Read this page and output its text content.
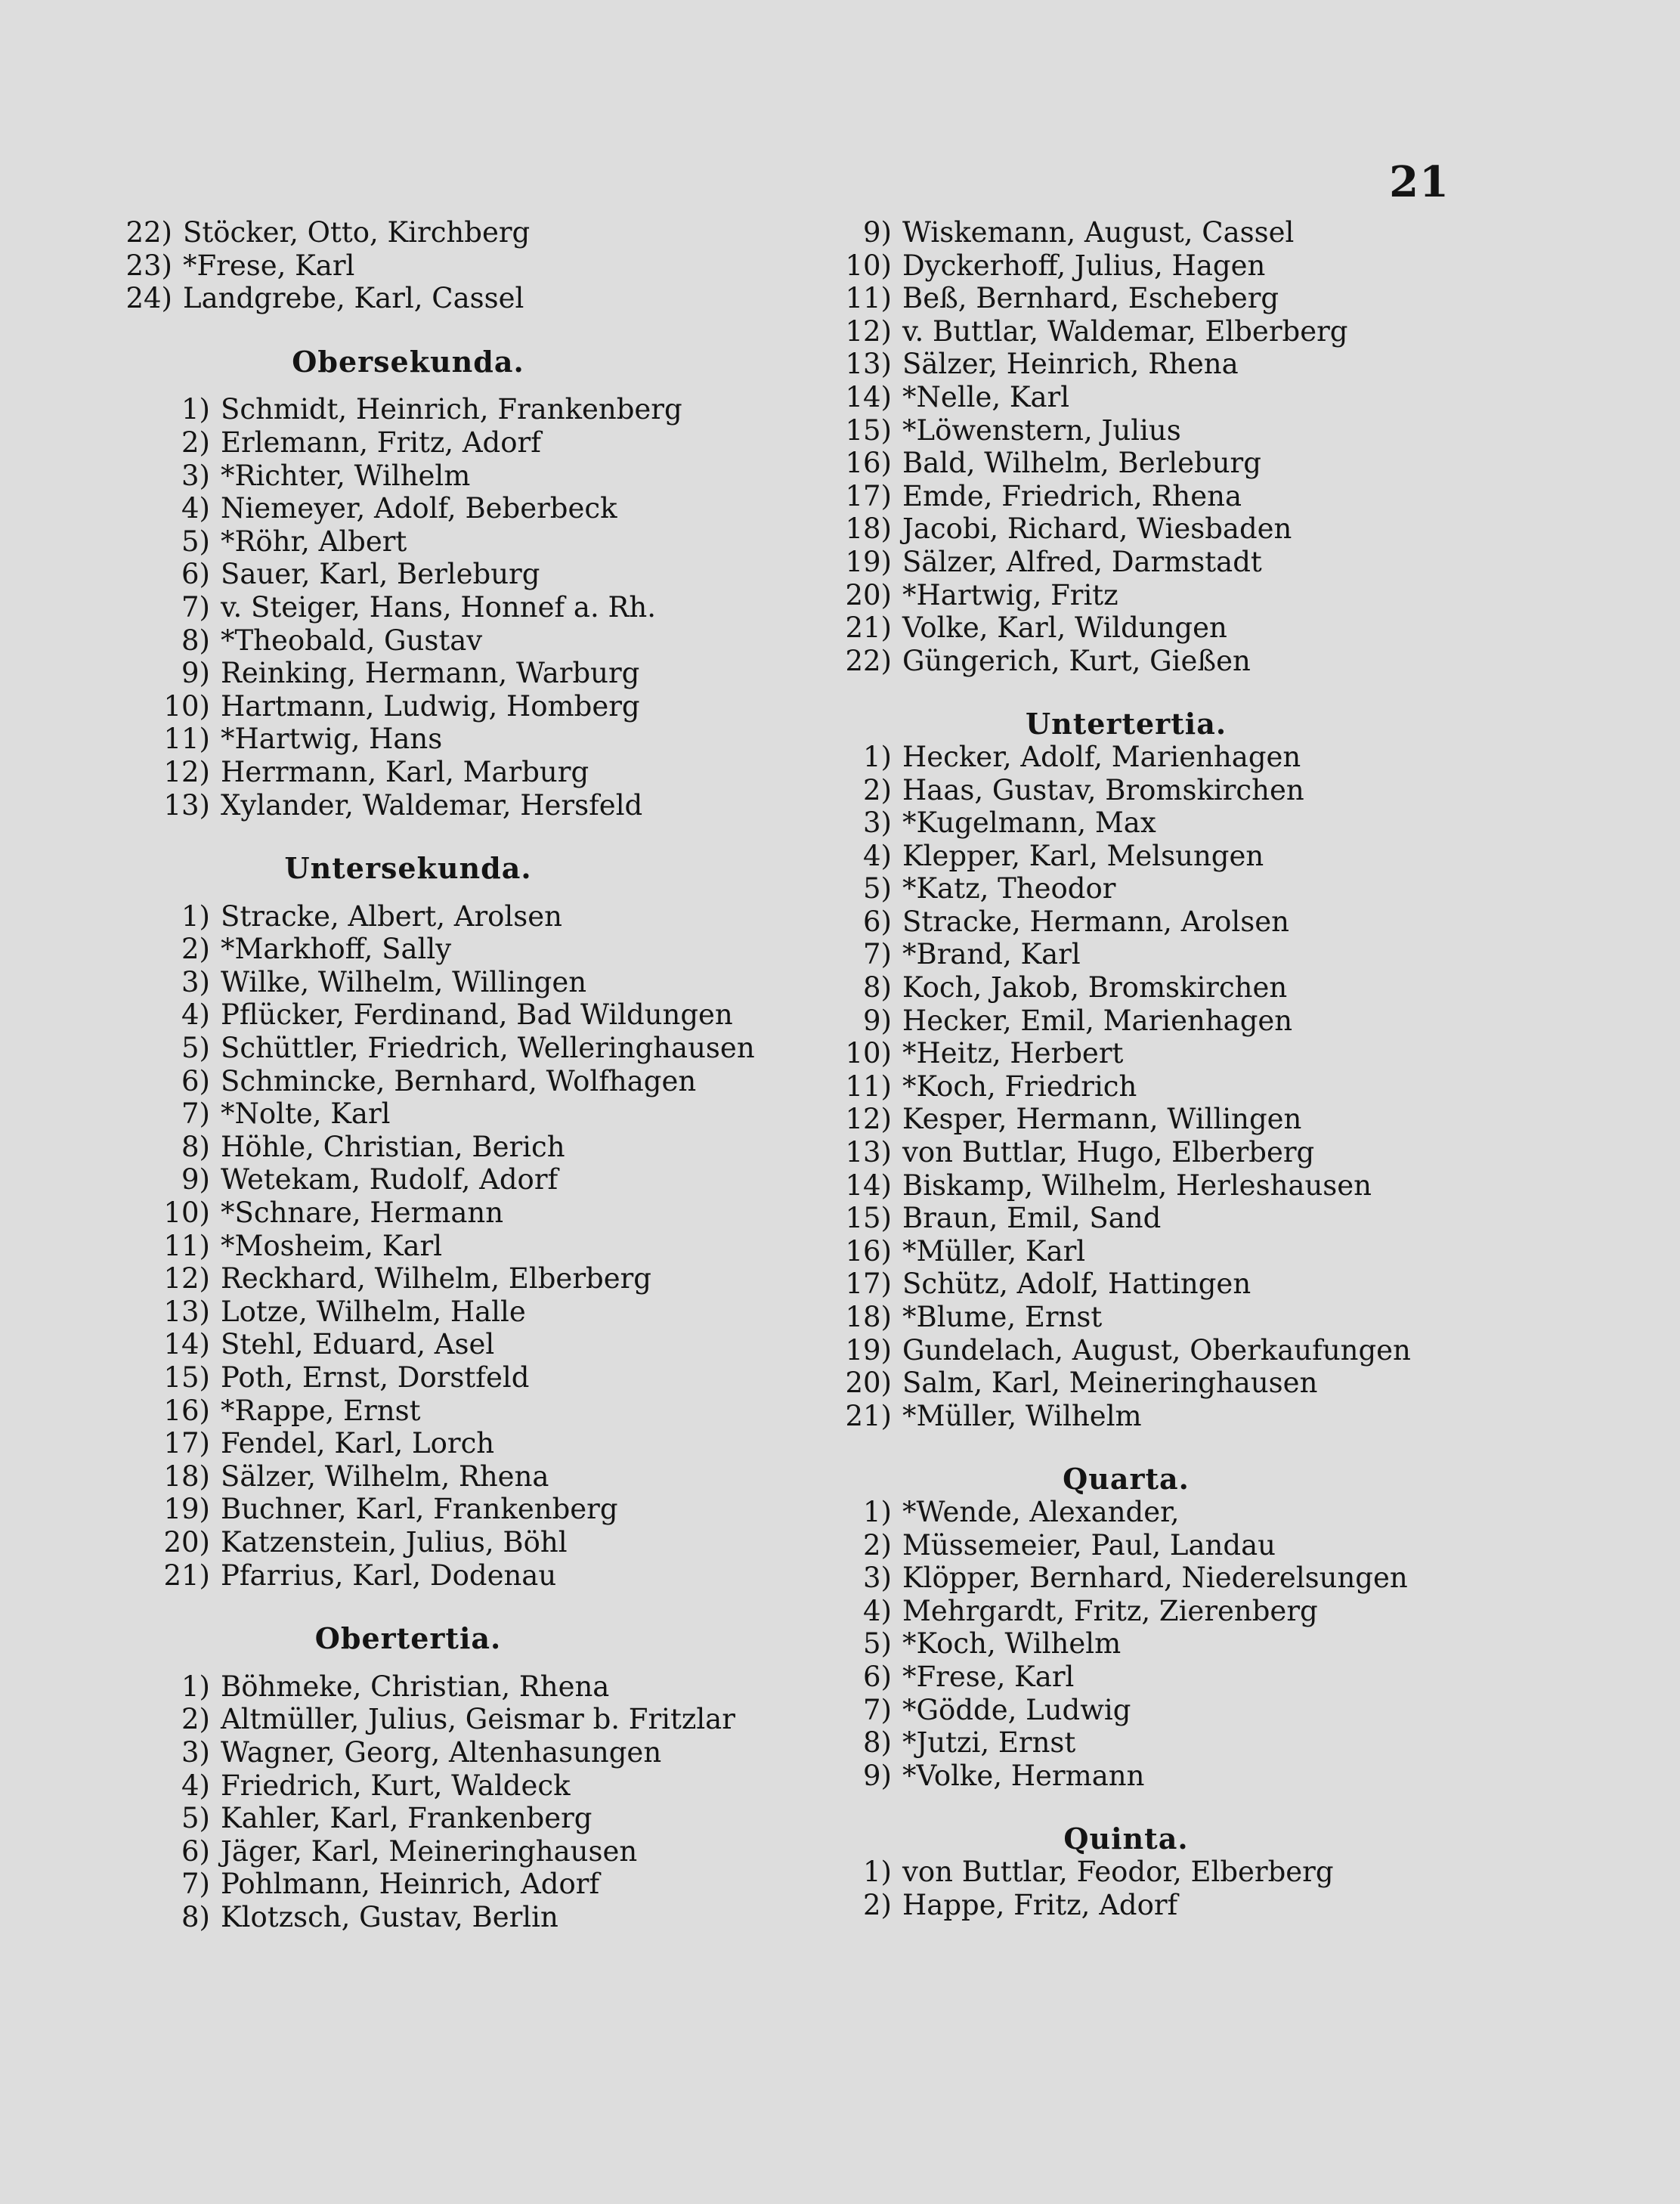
21
22) Stöcker, Otto, Kirchberg
23) *Frese, Karl
24) Landgrebe, Karl, Cassel
Obersekunda.
1) Schmidt, Heinrich, Frankenberg
2) Erlemann, Fritz, Adorf
3) *Richter, Wilhelm
4) Niemeyer, Adolf, Beberbeck
5) *Röhr, Albert
6) Sauer, Karl, Berleburg
7) v. Steiger, Hans, Honnef a. Rh.
8) *Theobald, Gustav
9) Reinking, Hermann, Warburg
10) Hartmann, Ludwig, Homberg
11) *Hartwig, Hans
12) Herrmann, Karl, Marburg
13) Xylander, Waldemar, Hersfeld
Untersekunda.
1) Stracke, Albert, Arolsen
2) *Markhoff, Sally
3) Wilke, Wilhelm, Willingen
4) Pflücker, Ferdinand, Bad Wildungen
5) Schüttler, Friedrich, Welleringhausen
6) Schmincke, Bernhard, Wolfhagen
7) *Nolte, Karl
8) Höhle, Christian, Berich
9) Wetekam, Rudolf, Adorf
10) *Schnare, Hermann
11) *Mosheim, Karl
12) Reckhard, Wilhelm, Elberberg
13) Lotze, Wilhelm, Halle
14) Stehl, Eduard, Asel
15) Poth, Ernst, Dorstfeld
16) *Rappe, Ernst
17) Fendel, Karl, Lorch
18) Sälzer, Wilhelm, Rhena
19) Buchner, Karl, Frankenberg
20) Katzenstein, Julius, Böhl
21) Pfarrius, Karl, Dodenau
Obertertia.
1) Böhmeke, Christian, Rhena
2) Altmüller, Julius, Geismar b. Fritzlar
3) Wagner, Georg, Altenhasungen
4) Friedrich, Kurt, Waldeck
5) Kahler, Karl, Frankenberg
6) Jäger, Karl, Meineringhausen
7) Pohlmann, Heinrich, Adorf
8) Klotzsch, Gustav, Berlin
9) Wiskemann, August, Cassel
10) Dyckerhoff, Julius, Hagen
11) Beß, Bernhard, Escheberg
12) v. Buttlar, Waldemar, Elberberg
13) Sälzer, Heinrich, Rhena
14) *Nelle, Karl
15) *Löwenstern, Julius
16) Bald, Wilhelm, Berleburg
17) Emde, Friedrich, Rhena
18) Jacobi, Richard, Wiesbaden
19) Sälzer, Alfred, Darmstadt
20) *Hartwig, Fritz
21) Volke, Karl, Wildungen
22) Güngerich, Kurt, Gießen
Untertertia.
1) Hecker, Adolf, Marienhagen
2) Haas, Gustav, Bromskirchen
3) *Kugelmann, Max
4) Klepper, Karl, Melsungen
5) *Katz, Theodor
6) Stracke, Hermann, Arolsen
7) *Brand, Karl
8) Koch, Jakob, Bromskirchen
9) Hecker, Emil, Marienhagen
10) *Heitz, Herbert
11) *Koch, Friedrich
12) Kesper, Hermann, Willingen
13) von Buttlar, Hugo, Elberberg
14) Biskamp, Wilhelm, Herleshausen
15) Braun, Emil, Sand
16) *Müller, Karl
17) Schütz, Adolf, Hattingen
18) *Blume, Ernst
19) Gundelach, August, Oberkaufungen
20) Salm, Karl, Meineringhausen
21) *Müller, Wilhelm
Quarta.
1) *Wende, Alexander,
2) Müssemeier, Paul, Landau
3) Klöpper, Bernhard, Niederelsungen
4) Mehrgardt, Fritz, Zierenberg
5) *Koch, Wilhelm
6) *Frese, Karl
7) *Gödde, Ludwig
8) *Jutzi, Ernst
9) *Volke, Hermann
Quinta.
1) von Buttlar, Feodor, Elberberg
2) Happe, Fritz, Adorf
